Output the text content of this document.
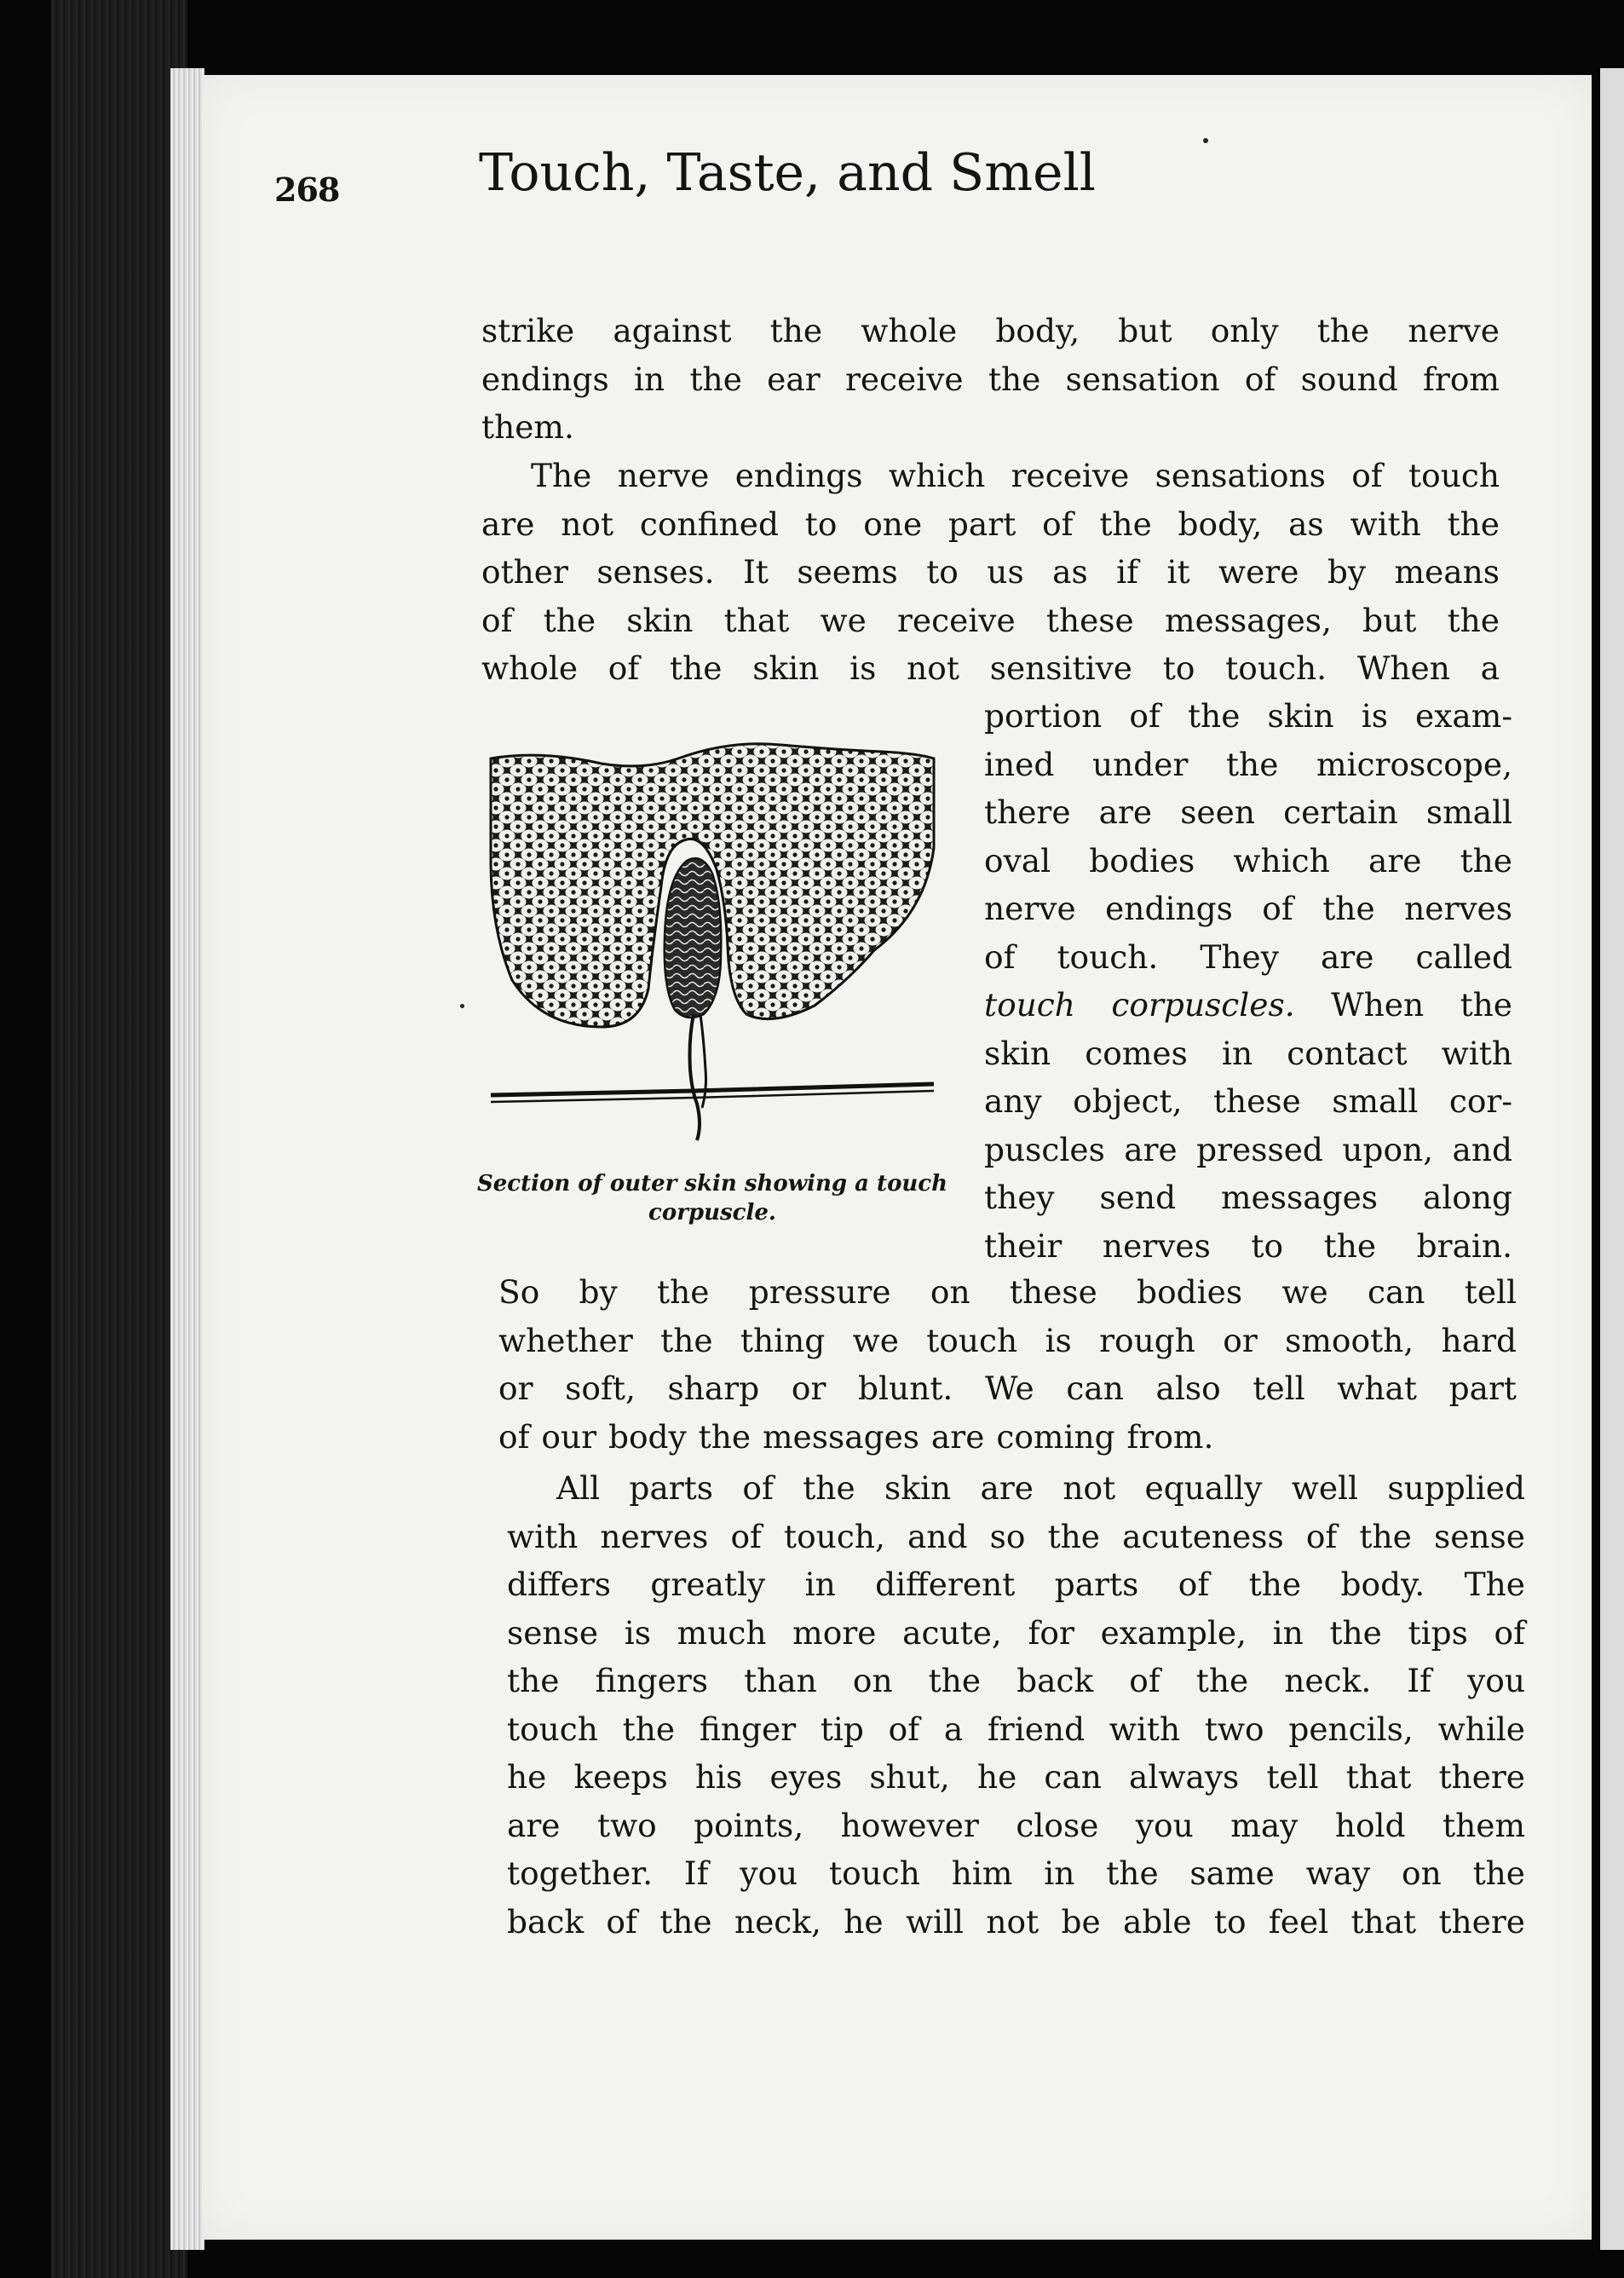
268	Touch, Taste, and Smell
strike against the whole body, but only the nerve
endings in the ear receive the sensation of sound from
them.
The nerve endings which receive sensations of touch
are not confined to one part of the body, as with the
other senses. It seems to us as if it were by means
of the skin that we receive these messages, but the
whole of the skin is not sensitive to touch. When a
portion of the skin is exam-
ined under the microscope,
there are seen certain small
oval bodies which are the
nerve endings of the nerves
of touch. They are called
touch corpuscles. When the
skin comes in contact with
any object, these small cor-
puscles are pressed upon, and
they send messages along
their nerves to the brain.
Section of outer skin showing a touch corpuscle.
So by the pressure on these bodies we can tell
whether the thing we touch is rough or smooth, hard
or soft, sharp or blunt. We can also tell what part
of our body the messages are coming from.
All parts of the skin are not equally well supplied
with nerves of touch, and so the acuteness of the sense
differs greatly in different parts of the body. The
sense is much more acute, for example, in the tips of
the fingers than on the back of the neck. If you
touch the finger tip of a friend with two pencils, while
he keeps his eyes shut, he can always tell that there
are two points, however close you may hold them
together. If you touch him in the same way on the
back of the neck, he will not be able to feel that there
